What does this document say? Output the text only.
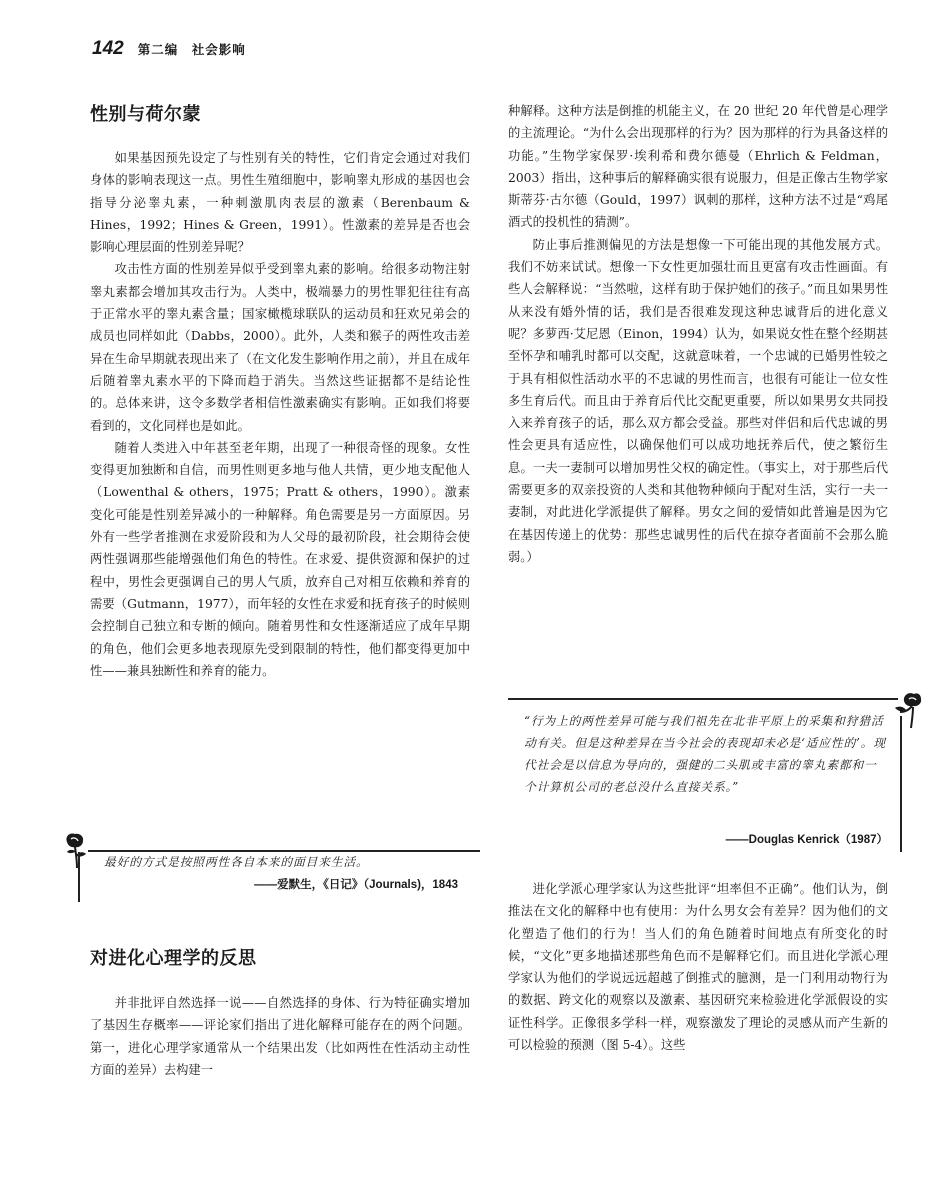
142 第二编　社会影响
性别与荷尔蒙

如果基因预先设定了与性别有关的特性，它们肯定会通过对我们身体的影响表现这一点。男性生殖细胞中，影响睾丸形成的基因也会指导分泌睾丸素，一种刺激肌肉表层的激素（Berenbaum & Hines，1992；Hines & Green，1991）。性激素的差异是否也会影响心理层面的性别差异呢？

攻击性方面的性别差异似乎受到睾丸素的影响。给很多动物注射睾丸素都会增加其攻击行为。人类中，极端暴力的男性罪犯往往有高于正常水平的睾丸素含量；国家橄榄球联队的运动员和狂欢兄弟会的成员也同样如此（Dabbs，2000）。此外，人类和猴子的两性攻击差异在生命早期就表现出来了（在文化发生影响作用之前），并且在成年后随着睾丸素水平的下降而趋于消失。当然这些证据都不是结论性的。总体来讲，这令多数学者相信性激素确实有影响。正如我们将要看到的，文化同样也是如此。

随着人类进入中年甚至老年期，出现了一种很奇怪的现象。女性变得更加独断和自信，而男性则更多地与他人共情，更少地支配他人（Lowenthal & others，1975；Pratt & others，1990）。激素变化可能是性别差异减小的一种解释。角色需要是另一方面原因。另外有一些学者推测在求爱阶段和为人父母的最初阶段，社会期待会使两性强调那些能增强他们角色的特性。在求爱、提供资源和保护的过程中，男性会更强调自己的男人气质，放弃自己对相互依赖和养育的需要（Gutmann，1977），而年轻的女性在求爱和抚育孩子的时候则会控制自己独立和专断的倾向。随着男性和女性逐渐适应了成年早期的角色，他们会更多地表现原先受到限制的特性，他们都变得更加中性——兼具独断性和养育的能力。

最好的方式是按照两性各自本来的面目来生活。
——爱默生，《日记》（Journals)，1843
对进化心理学的反思

并非批评自然选择一说——自然选择的身体、行为特征确实增加了基因生存概率——评论家们指出了进化解释可能存在的两个问题。第一，进化心理学家通常从一个结果出发（比如两性在性活动主动性方面的差异）去构建一

种解释。这种方法是倒推的机能主义，在 20 世纪 20 年代曾是心理学的主流理论。“为什么会出现那样的行为？因为那样的行为具备这样的功能。”生物学家保罗·埃利希和费尔德曼（Ehrlich & Feldman，2003）指出，这种事后的解释确实很有说服力，但是正像古生物学家斯蒂芬·古尔德（Gould，1997）讽刺的那样，这种方法不过是“鸡尾酒式的投机性的猜测”。

防止事后推测偏见的方法是想像一下可能出现的其他发展方式。我们不妨来试试。想像一下女性更加强壮而且更富有攻击性画面。有些人会解释说：“当然啦，这样有助于保护她们的孩子。”而且如果男性从来没有婚外情的话，我们是否很难发现这种忠诚背后的进化意义呢？多萝西·艾尼恩（Einon，1994）认为，如果说女性在整个经期甚至怀孕和哺乳时都可以交配，这就意味着，一个忠诚的已婚男性较之于具有相似性活动水平的不忠诚的男性而言，也很有可能让一位女性多生育后代。而且由于养育后代比交配更重要，所以如果男女共同投入来养育孩子的话，那么双方都会受益。那些对伴侣和后代忠诚的男性会更具有适应性，以确保他们可以成功地抚养后代，使之繁衍生息。一夫一妻制可以增加男性父权的确定性。（事实上，对于那些后代需要更多的双亲投资的人类和其他物种倾向于配对生活，实行一夫一妻制，对此进化学派提供了解释。男女之间的爱情如此普遍是因为它在基因传递上的优势：那些忠诚男性的后代在掠夺者面前不会那么脆弱。）

“行为上的两性差异可能与我们祖先在北非平原上的采集和狩猎活动有关。但是这种差异在当今社会的表现却未必是‘适应性的’。现代社会是以信息为导向的，强健的二头肌或丰富的睾丸素都和一个计算机公司的老总没什么直接关系。”
——Douglas Kenrick（1987）

进化学派心理学家认为这些批评“坦率但不正确”。他们认为，倒推法在文化的解释中也有使用：为什么男女会有差异？因为他们的文化塑造了他们的行为！当人们的角色随着时间地点有所变化的时候，“文化”更多地描述那些角色而不是解释它们。而且进化学派心理学家认为他们的学说远远超越了倒推式的臆测，是一门利用动物行为的数据、跨文化的观察以及激素、基因研究来检验进化学派假设的实证性科学。正像很多学科一样，观察激发了理论的灵感从而产生新的可以检验的预测（图 5-4）。这些
